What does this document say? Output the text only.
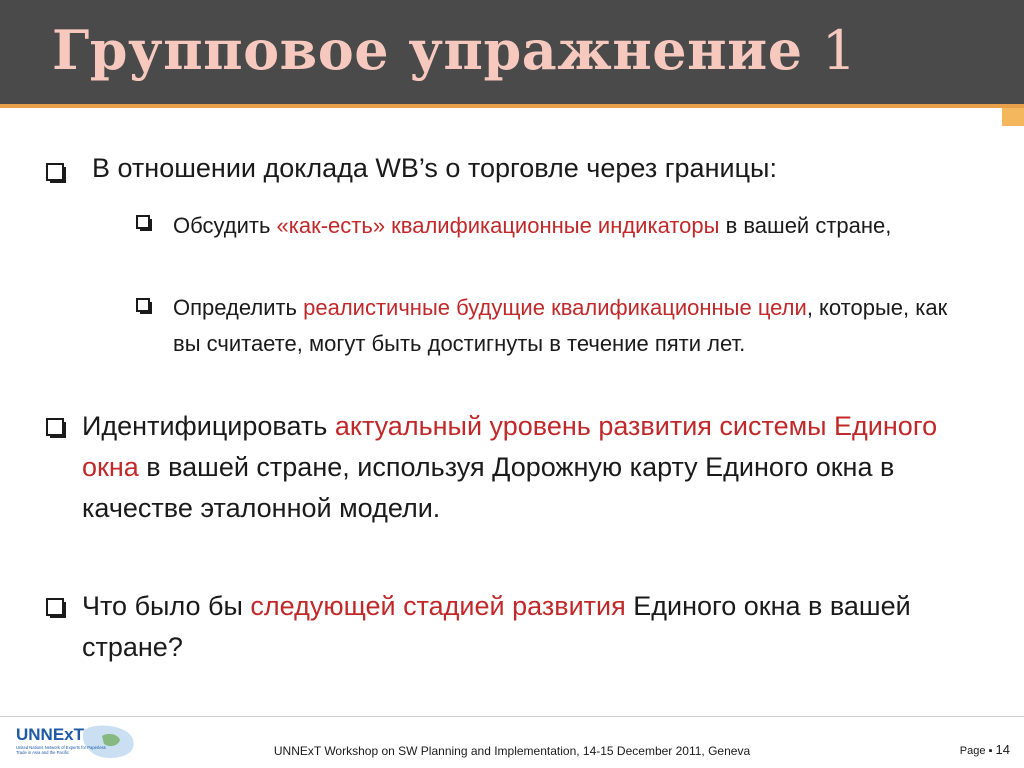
Групповое упражнение 1
UNNExT
United Nations Network of Experts for Paperless
Trade in Asia and the Pacific	UNNExT Workshop on SW Planning and Implementation, 14-15 December 2011, Geneva	Page ▪ 14
В отношении доклада WB’s о торговле через границы:
Обсудить «как-есть» квалификационные индикаторы в вашей стране,
Определить реалистичные будущие квалификационные цели, которые, как вы считаете, могут быть достигнуты в течение пяти лет.
Идентифицировать актуальный уровень развития системы Единого окна в вашей стране, используя Дорожную карту Единого окна в качестве эталонной модели.
Что было бы следующей стадией развития Единого окна в вашей стране?
